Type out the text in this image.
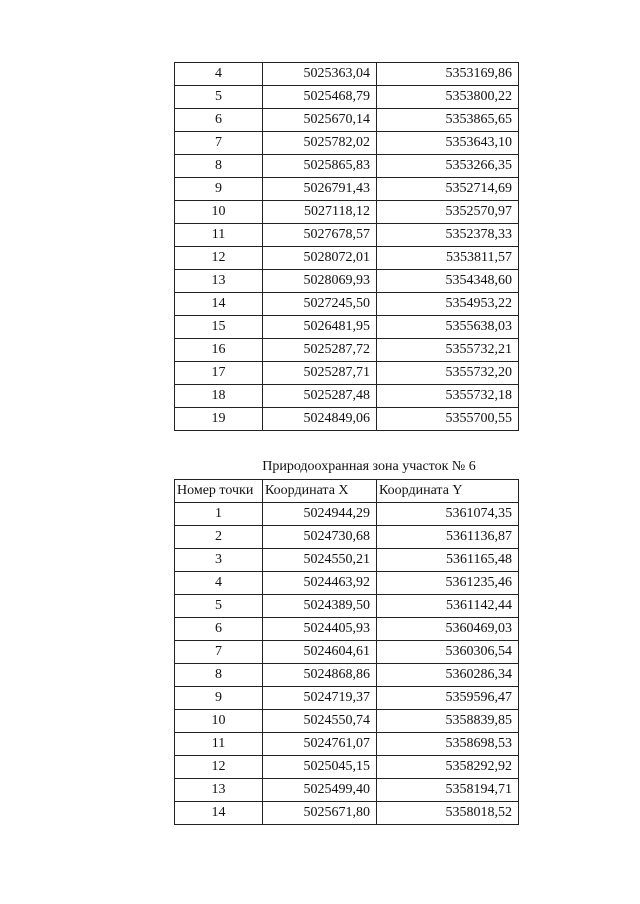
4	5025363,04	5353169,86
5	5025468,79	5353800,22
6	5025670,14	5353865,65
7	5025782,02	5353643,10
8	5025865,83	5353266,35
9	5026791,43	5352714,69
10	5027118,12	5352570,97
11	5027678,57	5352378,33
12	5028072,01	5353811,57
13	5028069,93	5354348,60
14	5027245,50	5354953,22
15	5026481,95	5355638,03
16	5025287,72	5355732,21
17	5025287,71	5355732,20
18	5025287,48	5355732,18
19	5024849,06	5355700,55
Природоохранная зона участок № 6
Номер точки	Координата X	Координата Y
1	5024944,29	5361074,35
2	5024730,68	5361136,87
3	5024550,21	5361165,48
4	5024463,92	5361235,46
5	5024389,50	5361142,44
6	5024405,93	5360469,03
7	5024604,61	5360306,54
8	5024868,86	5360286,34
9	5024719,37	5359596,47
10	5024550,74	5358839,85
11	5024761,07	5358698,53
12	5025045,15	5358292,92
13	5025499,40	5358194,71
14	5025671,80	5358018,52
